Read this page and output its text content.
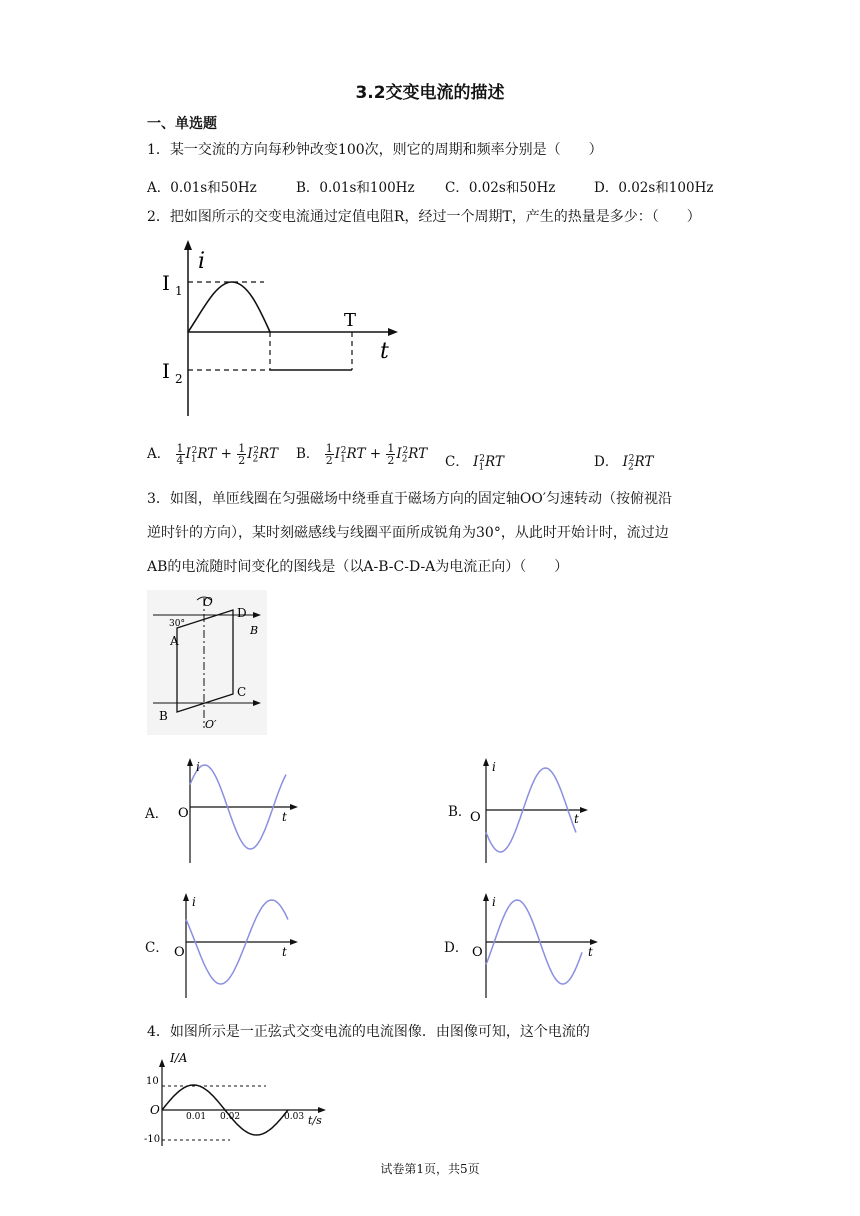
3.2交变电流的描述
一、单选题
1．某一交流的方向每秒钟改变100次，则它的周期和频率分别是（　　）
A．0.01s和50Hz	B．0.01s和100Hz C．0.02s和50Hz	D．0.02s和100Hz
2．把如图所示的交变电流通过定值电阻R，经过一个周期T，产生的热量是多少：（　　）
i
t
I 1
I 2
T
A． $\frac{1}{4} I_1^2RT + \frac{1}{2} I_2^2RT$ B． $\frac{1}{2} I_1^2RT + \frac{1}{2} I_2^2RT$ C． $I_1^2RT$	D． $I_2^2RT$
3．如图，单匝线圈在匀强磁场中绕垂直于磁场方向的固定轴OO′匀速转动（按俯视沿
逆时针的方向），某时刻磁感线与线圈平面所成锐角为30°，从此时开始计时，流过边
AB的电流随时间变化的图线是（以A-B-C-D-A为电流正向）（　　）
O
O′
A
B
C
D
B
30°
A．	B．
C．	D．
O
i
t	O
i
t
O
i
t	O
i
t
4．如图所示是一正弦式交变电流的电流图像．由图像可知，这个电流的
I/A
t/s
O
10
-10
0.01 0.02	0.03
试卷第1页，共5页
